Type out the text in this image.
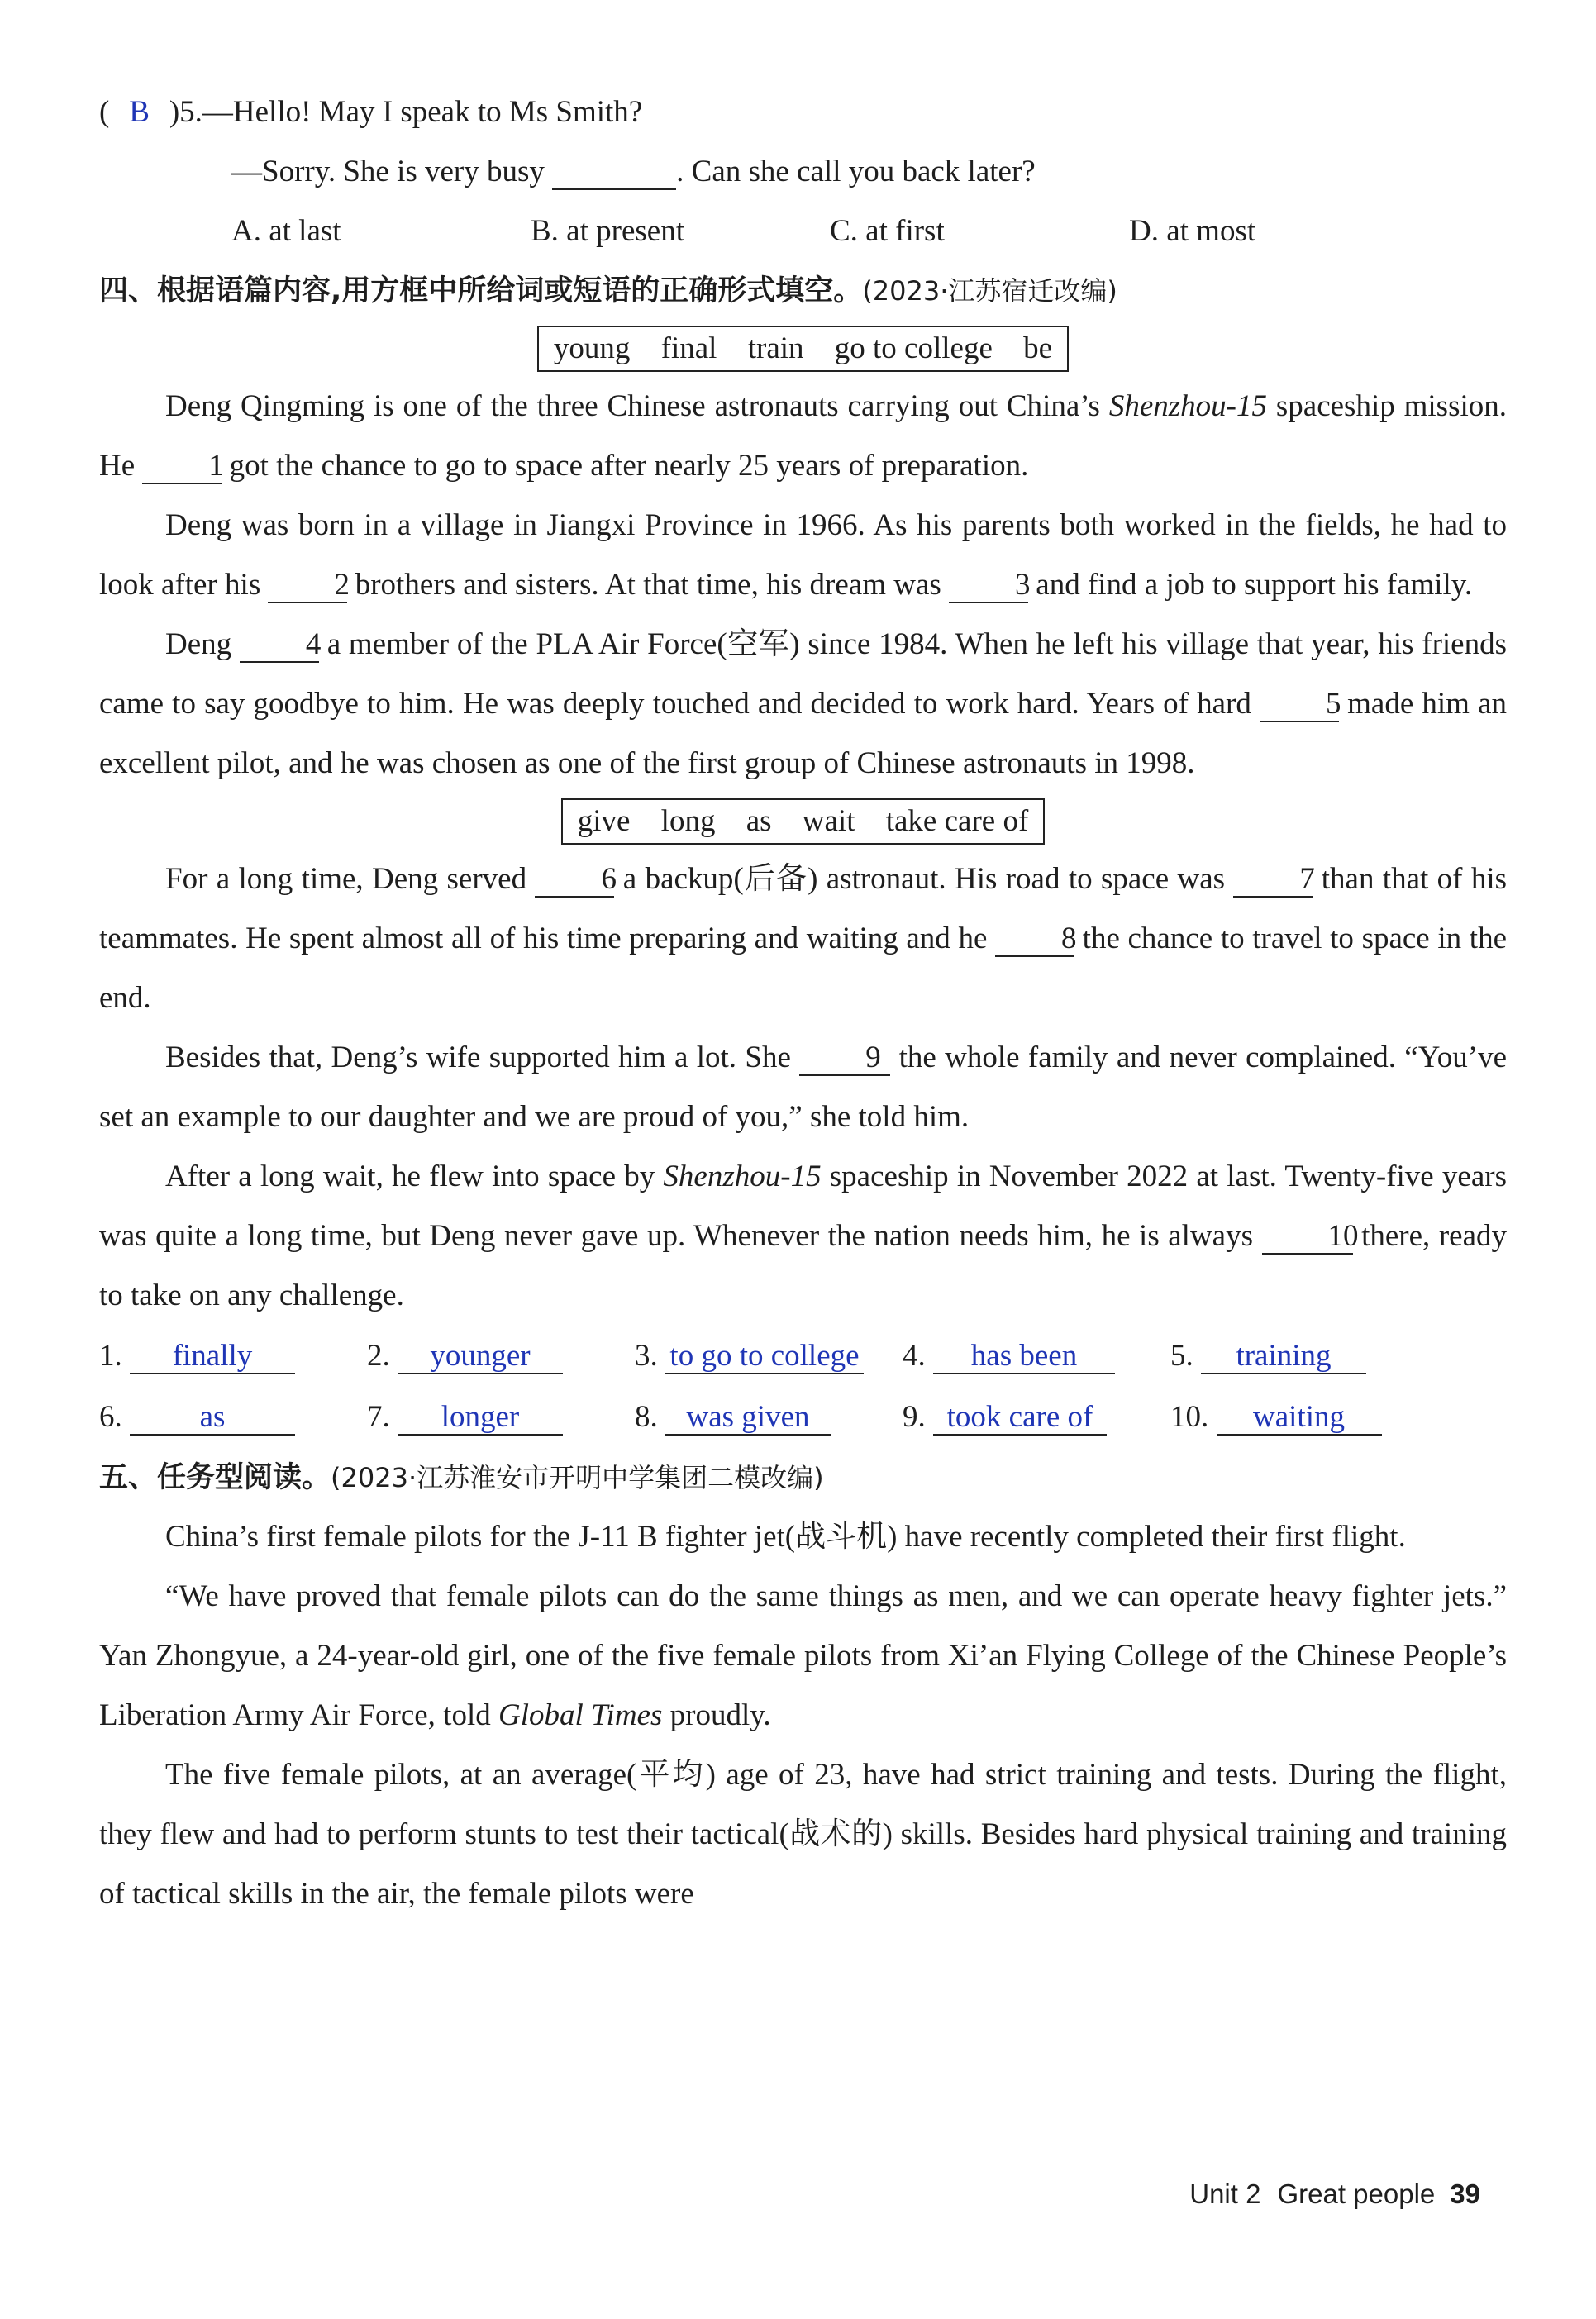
( B )5.—Hello! May I speak to Ms Smith?
—Sorry. She is very busy	. Can she call you back later?
A. at last	B. at present	C. at first	D. at most
四、根据语篇内容,用方框中所给词或短语的正确形式填空。(2023·江苏宿迁改编)
young final train go to college be

Deng Qingming is one of the three Chinese astronauts carrying out China’s Shenzhou-15 spaceship mission. He 1 got the chance to go to space after nearly 25 years of preparation.

Deng was born in a village in Jiangxi Province in 1966. As his parents both worked in the fields, he had to look after his 2 brothers and sisters. At that time, his dream was 3 and find a job to support his family.

Deng 4 a member of the PLA Air Force(空军) since 1984. When he left his village that year, his friends came to say goodbye to him. He was deeply touched and decided to work hard. Years of hard 5 made him an excellent pilot, and he was chosen as one of the first group of Chinese astronauts in 1998.

give long as wait take care of

For a long time, Deng served 6 a backup(后备) astronaut. His road to space was 7 than that of his teammates. He spent almost all of his time preparing and waiting and he 8 the chance to travel to space in the end.

Besides that, Deng’s wife supported him a lot. She 9 the whole family and never complained. “You’ve set an example to our daughter and we are proud of you,” she told him.

After a long wait, he flew into space by Shenzhou-15 spaceship in November 2022 at last. Twenty-five years was quite a long time, but Deng never gave up. Whenever the nation needs him, he is always 10 there, ready to take on any challenge.

1. finally	2. younger	3. to go to college	4. has been	5. training
6.	as	7. longer	8. was given	9. took care of	10. waiting
五、任务型阅读。(2023·江苏淮安市开明中学集团二模改编)

China’s first female pilots for the J-11 B fighter jet(战斗机) have recently completed their first flight.

“We have proved that female pilots can do the same things as men, and we can operate heavy fighter jets.” Yan Zhongyue, a 24-year-old girl, one of the five female pilots from Xi’an Flying College of the Chinese People’s Liberation Army Air Force, told Global Times proudly.

The five female pilots, at an average(平均) age of 23, have had strict training and tests. During the flight, they flew and had to perform stunts to test their tactical(战术的) skills. Besides hard physical training and training of tactical skills in the air, the female pilots were

Unit 2 Great people 39
